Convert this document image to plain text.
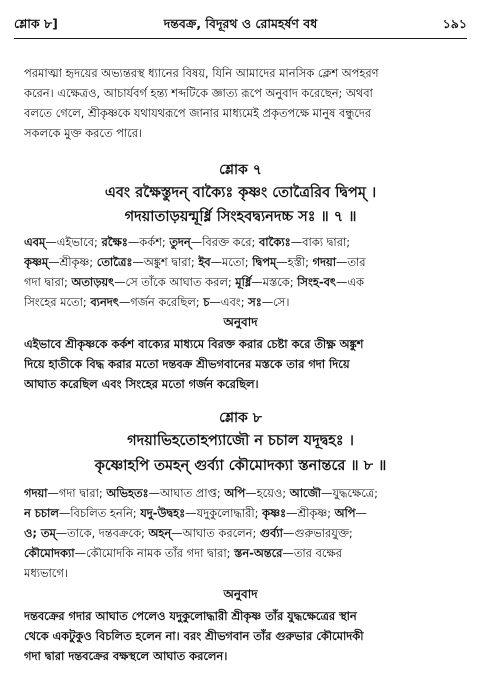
শ্লোক ৮]	দন্তবক্র, বিদূরথ ও রোমহর্ষণ বধ	১৯১
পরমাত্মা হৃদয়ের অভ্যন্তরস্থ ধ্যানের বিষয়, যিনি আমাদের মানসিক ক্লেশ অপহরণ
করেন। এক্ষেত্রও, আচার্যবর্গ হন্ত্য শব্দটিকে জ্ঞাত্য রূপে অনুবাদ করেছেন; অথবা
বলতে গেলে, শ্রীকৃষ্ণকে যথাযথরূপে জানার মাধ্যমেই প্রকৃতপক্ষে মানুষ বন্ধুদের
সকলকে মুক্ত করতে পারে।
শ্লোক ৭
এবং রক্ষৈস্তুদন্ বাক্যৈঃ কৃষ্ণং তোত্রৈরিব দ্বিপম্ ।
গদয়াতাড়য়ন্মূর্ধ্নি সিংহবদ্ব্যনদচ্চ সঃ ॥ ৭ ॥
এবম্—এইভাবে; রক্ষৈঃ—কর্কশ; তুদন্—বিরক্ত করে; বাক্যৈঃ—বাক্য দ্বারা;
কৃষ্ণম্—শ্রীকৃষ্ণ; তোত্রৈঃ—অঙ্কুশ দ্বারা; ইব—মতো; দ্বিপম্—হস্তী; গদয়া—তার
গদা দ্বারা; অতাড়য়ৎ—সে তাঁকে আঘাত করল; মূর্ধ্নি—মস্তকে; সিংহ-বৎ—এক
সিংহের মতো; ব্যনদৎ—গর্জন করেছিল; চ—এবং; সঃ—সে।
অনুবাদ
এইভাবে শ্রীকৃষ্ণকে কর্কশ বাক্যের মাধ্যমে বিরক্ত করার চেষ্টা করে তীক্ষ্ণ অঙ্কুশ
দিয়ে হাতীকে বিদ্ধ করার মতো দন্তবক্র শ্রীভগবানের মস্তকে তার গদা দিয়ে
আঘাত করেছিল এবং সিংহের মতো গর্জন করেছিল।
শ্লোক ৮
গদয়াভিহতোহপ্যাজৌ ন চচাল যদূদ্বহঃ ।
কৃষ্ণোহপি তমহন্ গুর্ব্যা কৌমোদক্যা স্তনান্তরে ॥ ৮ ॥
গদয়া—গদা দ্বারা; অভিহতঃ—আঘাত প্রাপ্ত; অপি—হয়েও; আজৌ—যুদ্ধক্ষেত্রে;
ন চচাল—বিচলিত হননি; যদু-উদ্বহঃ—যদুকুলোদ্ধারী; কৃষ্ণঃ—শ্রীকৃষ্ণ; অপি—
ও; তম্—তাকে, দন্তবক্রকে; অহন্—আঘাত করলেন; গুর্ব্যা—গুরুভারযুক্ত;
কৌমোদক্যা—কৌমোদকি নামক তাঁর গদা দ্বারা; স্তন-অন্তরে—তার বক্ষের
মধ্যভাগে।
অনুবাদ
দন্তবক্রের গদার আঘাত পেলেও যদুকুলোদ্ধারী শ্রীকৃষ্ণ তাঁর যুদ্ধক্ষেত্রের স্থান
থেকে একটুকুও বিচলিত হলেন না। বরং শ্রীভগবান তাঁর গুরুভার কৌমোদকী
গদা দ্বারা দন্তবক্রের বক্ষস্থলে আঘাত করলেন।
